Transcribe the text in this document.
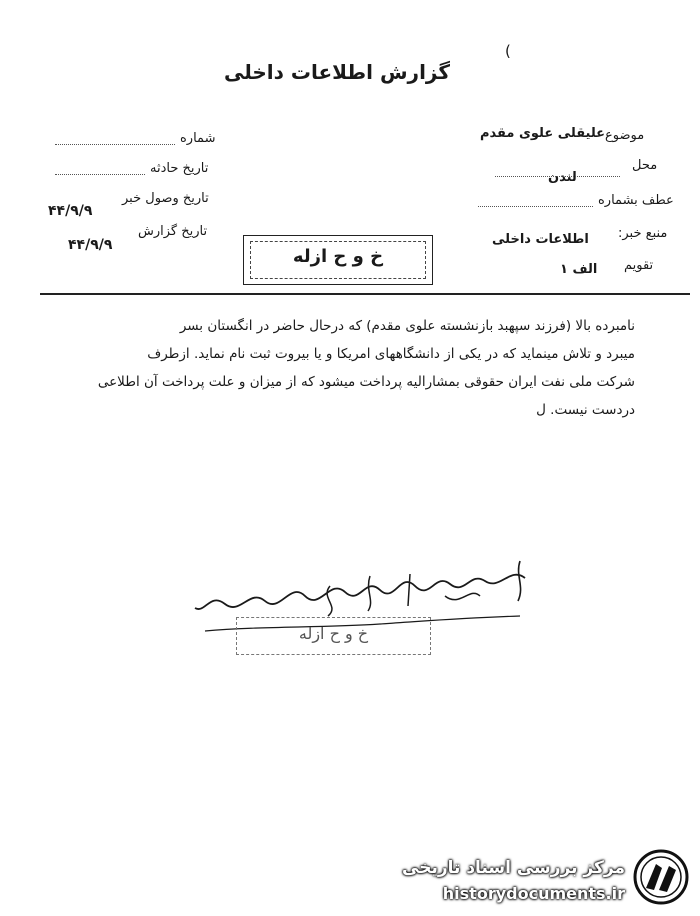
(
گزارش اطلاعات داخلی
موضوع
علیقلی علوی مقدم
محل
لندن
عطف بشماره
منبع خبر:
اطلاعات داخلی
تقویم
الف ۱
شماره
تاریخ حادثه
تاریخ وصول خبر
۴۴/۹/۹
تاریخ گزارش
۴۴/۹/۹
خ و ح ازله

نامبرده بالا (فرزند سپهبد بازنشسته علوی مقدم) که درحال حاضر در انگستان بسر

میبرد و تلاش مینماید که در یکی از دانشگاههای امریکا و یا بیروت ثبت نام نماید. ازطرف

شرکت ملی نفت ایران حقوقی بمشارالیه پرداخت میشود که از میزان و علت پرداخت آن اطلاعی

دردست نیست. ل

خ و ح ازله
مرکز بررسی اسناد تاریخی
historydocuments.ir
